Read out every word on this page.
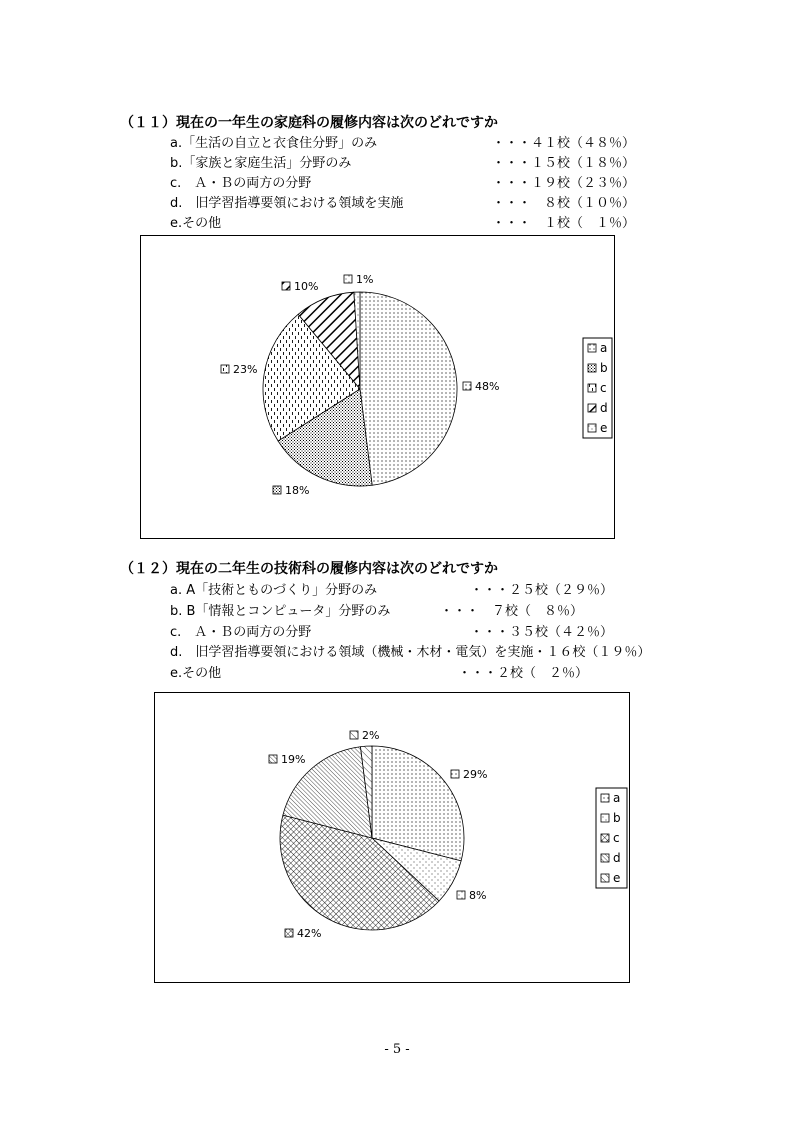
（１１）現在の一年生の家庭科の履修内容は次のどれですか
a.「生活の自立と衣食住分野」のみ	・・・４１校（４８％）
b.「家族と家庭生活」分野のみ	・・・１５校（１８％）
c.　Ａ・Ｂの両方の分野	・・・１９校（２３％）
d.　旧学習指導要領における領域を実施	・・・　８校（１０％）
e.その他	・・・　１校（　１％）
48%
18%
23%
10%
1%
a
b
c
d
e
（１２）現在の二年生の技術科の履修内容は次のどれですか
a. A「技術とものづくり」分野のみ	・・・２５校（２９％）
b. B「情報とコンピュータ」分野のみ	・・・　７校（　８％）
c.　Ａ・Ｂの両方の分野	・・・３５校（４２％）
d.　旧学習指導要領における領域（機械・木材・電気）を実施・１６校（１９％）
e.その他	・・・２校（　２％）
29%
8%
42%
19%
2%
a
b
c
d
e
- 5 -
